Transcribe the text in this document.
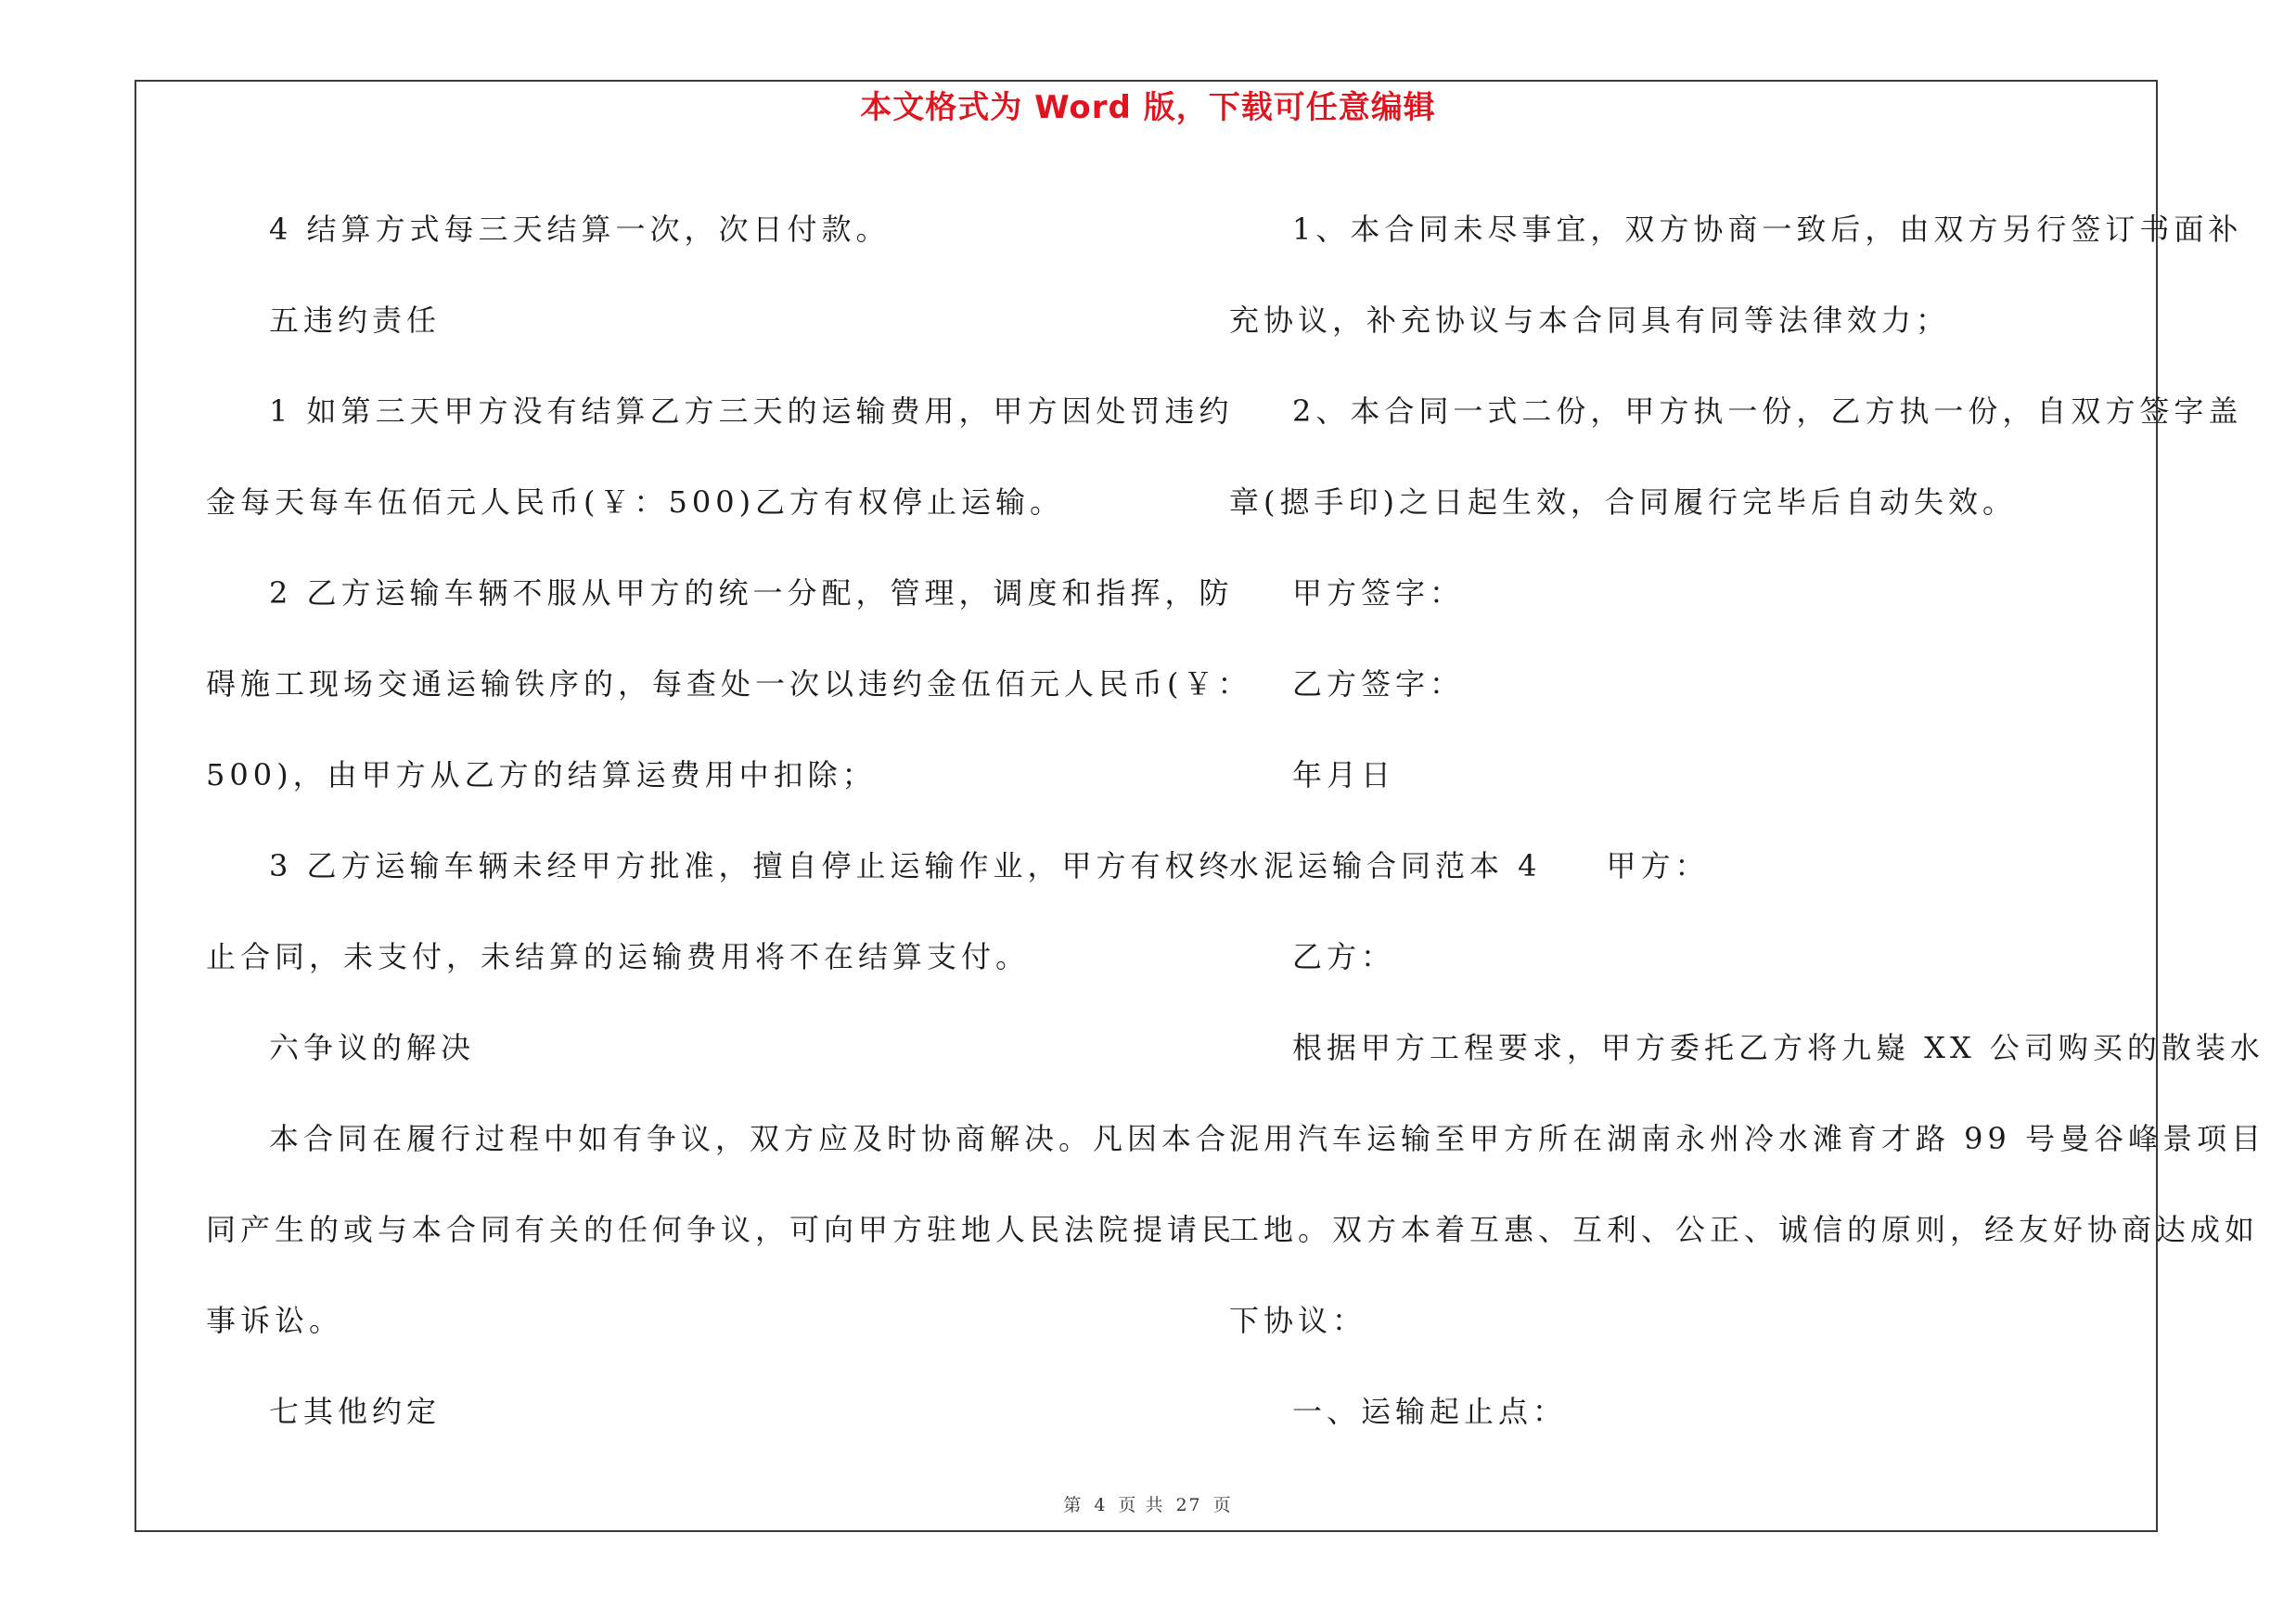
本文格式为 Word 版，下载可任意编辑

4 结算方式每三天结算一次，次日付款。

五违约责任

1 如第三天甲方没有结算乙方三天的运输费用，甲方因处罚违约

金每天每车伍佰元人民币(￥：500)乙方有权停止运输。

2 乙方运输车辆不服从甲方的统一分配，管理，调度和指挥，防

碍施工现场交通运输铁序的，每查处一次以违约金伍佰元人民币(￥：

500)，由甲方从乙方的结算运费用中扣除；

3 乙方运输车辆未经甲方批准，擅自停止运输作业，甲方有权终

止合同，未支付，未结算的运输费用将不在结算支付。

六争议的解决

本合同在履行过程中如有争议，双方应及时协商解决。凡因本合

同产生的或与本合同有关的任何争议，可向甲方驻地人民法院提请民

事诉讼。

七其他约定

1、本合同未尽事宜，双方协商一致后，由双方另行签订书面补

充协议，补充协议与本合同具有同等法律效力；

2、本合同一式二份，甲方执一份，乙方执一份，自双方签字盖

章(摁手印)之日起生效，合同履行完毕后自动失效。

甲方签字：

乙方签字：

年月日

水泥运输合同范本 4 甲方：

乙方：

根据甲方工程要求，甲方委托乙方将九嶷 XX 公司购买的散装水

泥用汽车运输至甲方所在湖南永州冷水滩育才路 99 号曼谷峰景项目

工地。双方本着互惠、互利、公正、诚信的原则，经友好协商达成如

下协议：

一、运输起止点：

第 4 页 共 27 页
